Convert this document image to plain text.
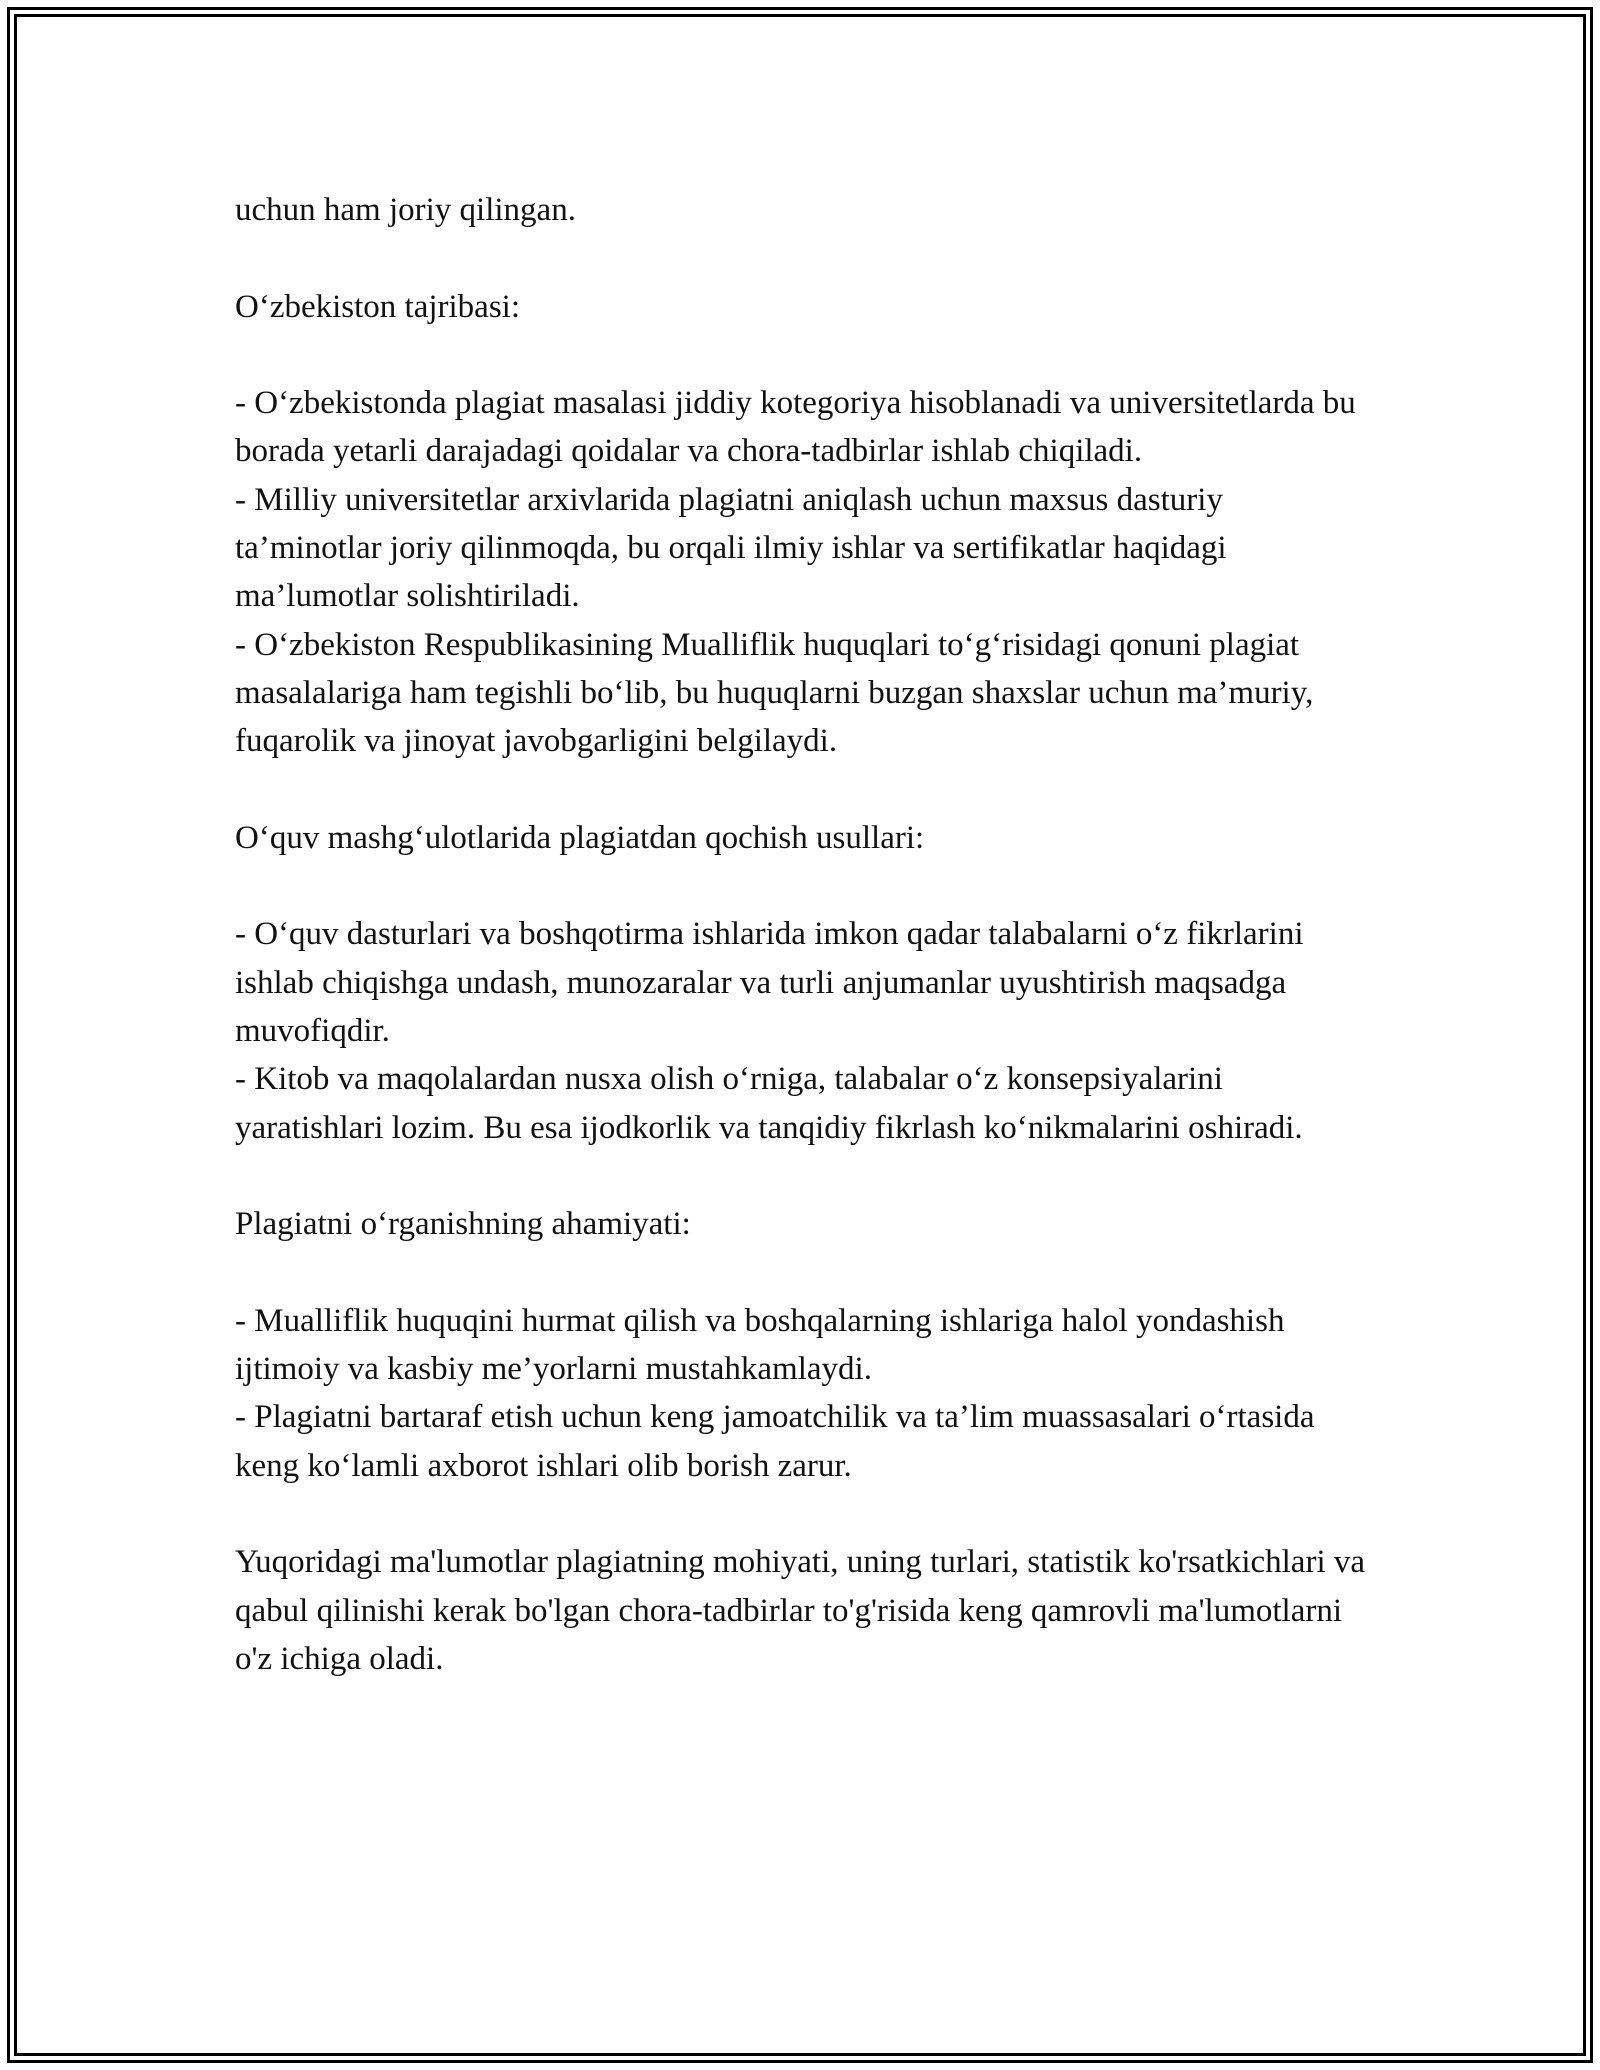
uchun ham joriy qilingan.

O‘zbekiston tajribasi:

- O‘zbekistonda plagiat masalasi jiddiy kotegoriya hisoblanadi va universitetlarda bu borada yetarli darajadagi qoidalar va chora-tadbirlar ishlab chiqiladi.

- Milliy universitetlar arxivlarida plagiatni aniqlash uchun maxsus dasturiy ta’minotlar joriy qilinmoqda, bu orqali ilmiy ishlar va sertifikatlar haqidagi ma’lumotlar solishtiriladi.

- O‘zbekiston Respublikasining Mualliflik huquqlari to‘g‘risidagi qonuni plagiat masalalariga ham tegishli bo‘lib, bu huquqlarni buzgan shaxslar uchun ma’muriy, fuqarolik va jinoyat javobgarligini belgilaydi.

O‘quv mashg‘ulotlarida plagiatdan qochish usullari:

- O‘quv dasturlari va boshqotirma ishlarida imkon qadar talabalarni o‘z fikrlarini ishlab chiqishga undash, munozaralar va turli anjumanlar uyushtirish maqsadga muvofiqdir.

- Kitob va maqolalardan nusxa olish o‘rniga, talabalar o‘z konsepsiyalarini yaratishlari lozim. Bu esa ijodkorlik va tanqidiy fikrlash ko‘nikmalarini oshiradi.

Plagiatni o‘rganishning ahamiyati:

- Mualliflik huquqini hurmat qilish va boshqalarning ishlariga halol yondashish ijtimoiy va kasbiy me’yorlarni mustahkamlaydi.

- Plagiatni bartaraf etish uchun keng jamoatchilik va ta’lim muassasalari o‘rtasida keng ko‘lamli axborot ishlari olib borish zarur.

Yuqoridagi ma'lumotlar plagiatning mohiyati, uning turlari, statistik ko'rsatkichlari va qabul qilinishi kerak bo'lgan chora-tadbirlar to'g'risida keng qamrovli ma'lumotlarni o'z ichiga oladi.
